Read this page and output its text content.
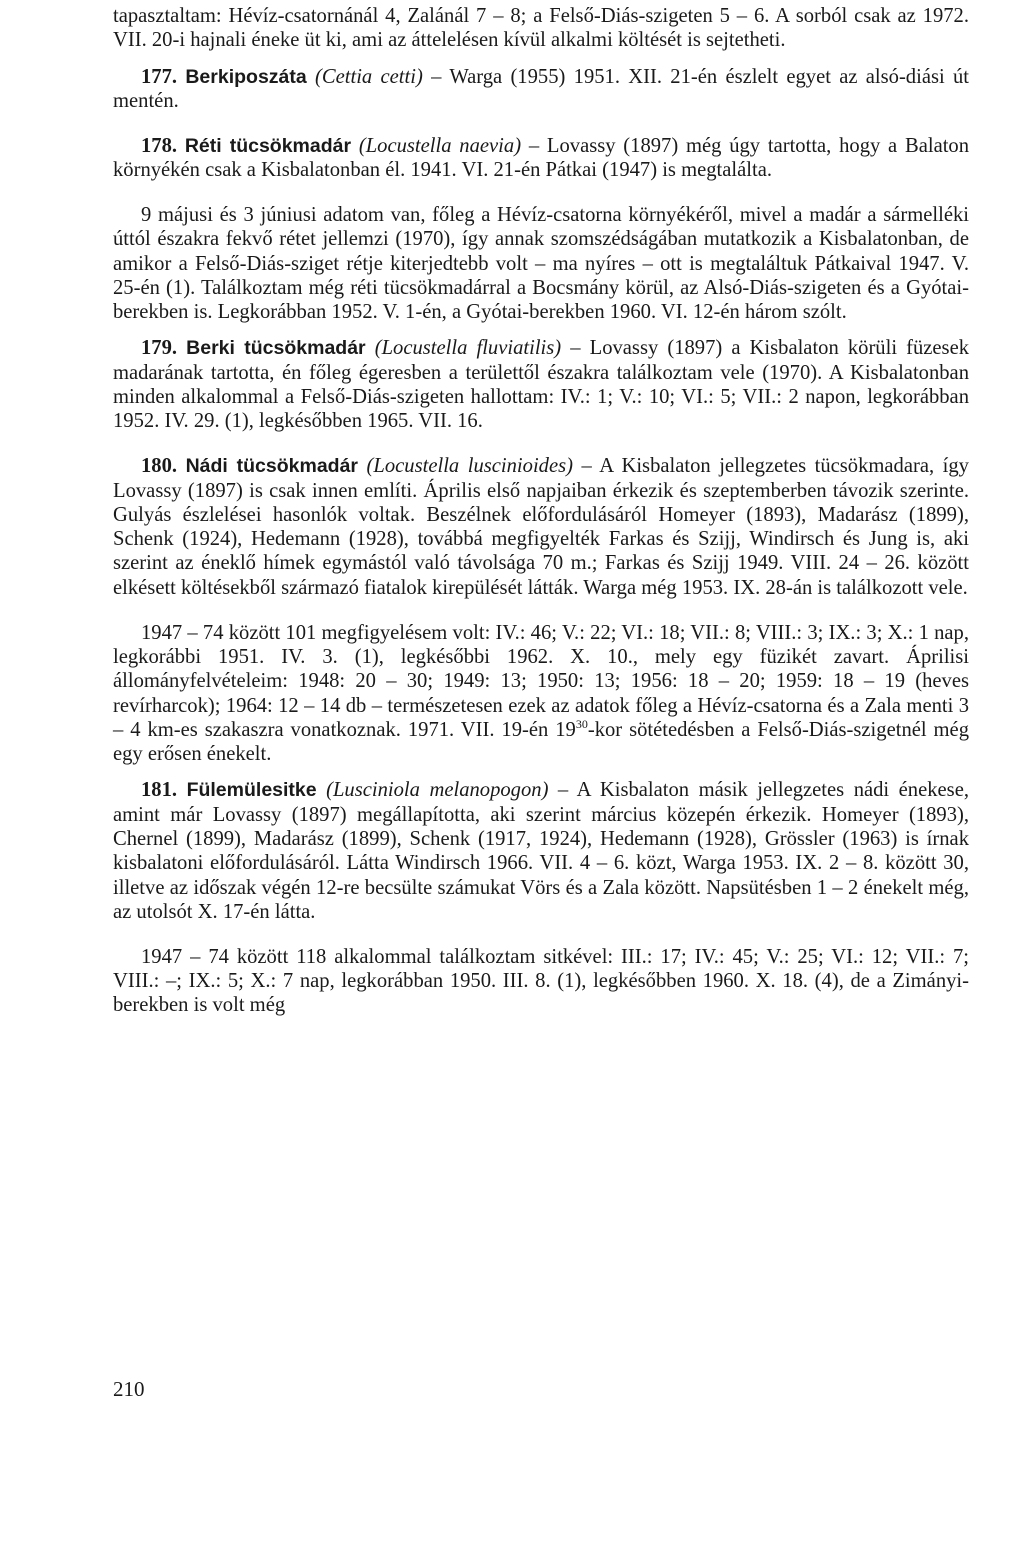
tapasztaltam: Hévíz-csatornánál 4, Zalánál 7 – 8; a Felső-Diás-szigeten 5 – 6. A sorból csak az 1972. VII. 20-i hajnali éneke üt ki, ami az áttelelésen kívül alkalmi költését is sejtetheti.

177. Berkiposzáta (Cettia cetti) – Warga (1955) 1951. XII. 21-én észlelt egyet az alsó-diási út mentén.

178. Réti tücsökmadár (Locustella naevia) – Lovassy (1897) még úgy tartotta, hogy a Balaton környékén csak a Kisbalatonban él. 1941. VI. 21-én Pátkai (1947) is megtalálta.

9 májusi és 3 júniusi adatom van, főleg a Hévíz-csatorna környékéről, mivel a madár a sármelléki úttól északra fekvő rétet jellemzi (1970), így annak szomszédságában mutatkozik a Kisbalatonban, de amikor a Felső-Diás-sziget rétje kiterjedtebb volt – ma nyíres – ott is megtaláltuk Pátkaival 1947. V. 25-én (1). Találkoztam még réti tücsökmadárral a Bocsmány körül, az Alsó-Diás-szigeten és a Gyótai-berekben is. Legkorábban 1952. V. 1-én, a Gyótai-berekben 1960. VI. 12-én három szólt.

179. Berki tücsökmadár (Locustella fluviatilis) – Lovassy (1897) a Kisbalaton körüli füzesek madarának tartotta, én főleg égeresben a területtől északra találkoztam vele (1970). A Kisbalatonban minden alkalommal a Felső-Diás-szigeten hallottam: IV.: 1; V.: 10; VI.: 5; VII.: 2 napon, legkorábban 1952. IV. 29. (1), legkésőbben 1965. VII. 16.

180. Nádi tücsökmadár (Locustella luscinioides) – A Kisbalaton jellegzetes tücsökmadara, így Lovassy (1897) is csak innen említi. Április első napjaiban érkezik és szeptemberben távozik szerinte. Gulyás észlelései hasonlók voltak. Beszélnek előfordulásáról Homeyer (1893), Madarász (1899), Schenk (1924), Hedemann (1928), továbbá megfigyelték Farkas és Szijj, Windirsch és Jung is, aki szerint az éneklő hímek egymástól való távolsága 70 m.; Farkas és Szijj 1949. VIII. 24 – 26. között elkésett költésekből származó fiatalok kirepülését látták. Warga még 1953. IX. 28-án is találkozott vele.

1947 – 74 között 101 megfigyelésem volt: IV.: 46; V.: 22; VI.: 18; VII.: 8; VIII.: 3; IX.: 3; X.: 1 nap, legkorábbi 1951. IV. 3. (1), legkésőbbi 1962. X. 10., mely egy füzikét zavart. Áprilisi állományfelvételeim: 1948: 20 – 30; 1949: 13; 1950: 13; 1956: 18 – 20; 1959: 18 – 19 (heves revírharcok); 1964: 12 – 14 db – természetesen ezek az adatok főleg a Hévíz-csatorna és a Zala menti 3 – 4 km-es szakaszra vonatkoznak. 1971. VII. 19-én $19^{30}$-kor sötétedésben a Felső-Diás-szigetnél még egy erősen énekelt.

181. Fülemülesitke (Lusciniola melanopogon) – A Kisbalaton másik jellegzetes nádi énekese, amint már Lovassy (1897) megállapította, aki szerint március közepén érkezik. Homeyer (1893), Chernel (1899), Madarász (1899), Schenk (1917, 1924), Hedemann (1928), Grössler (1963) is írnak kisbalatoni előfordulásáról. Látta Windirsch 1966. VII. 4 – 6. közt, Warga 1953. IX. 2 – 8. között 30, illetve az időszak végén 12-re becsülte számukat Vörs és a Zala között. Napsütésben 1 – 2 énekelt még, az utolsót X. 17-én látta.

1947 – 74 között 118 alkalommal találkoztam sitkével: III.: 17; IV.: 45; V.: 25; VI.: 12; VII.: 7; VIII.: –; IX.: 5; X.: 7 nap, legkorábban 1950. III. 8. (1), legkésőbben 1960. X. 18. (4), de a Zimányi-berekben is volt még

210
